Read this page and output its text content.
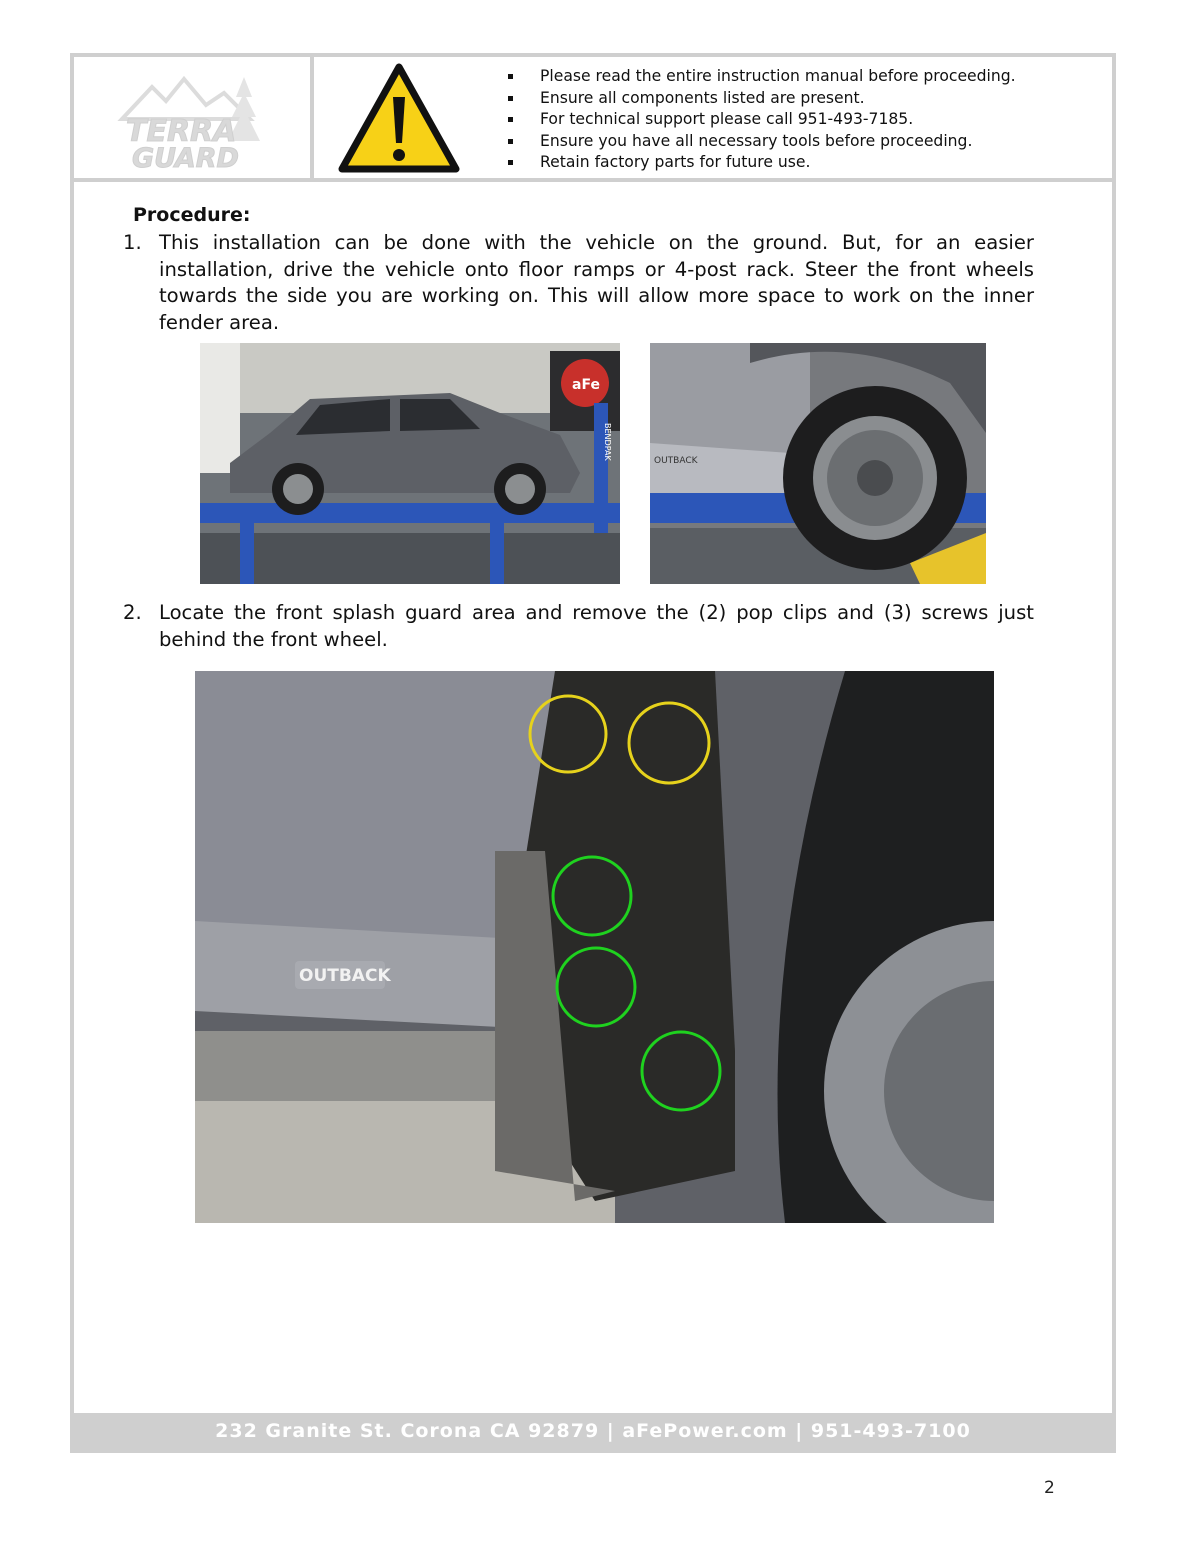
TERRA
GUARD
Please read the entire instruction manual before proceeding.
Ensure all components listed are present.
For technical support please call 951-493-7185.
Ensure you have all necessary tools before proceeding.
Retain factory parts for future use.
Procedure:
1. This installation can be done with the vehicle on the ground. But, for an easier installation, drive the vehicle onto floor ramps or 4-post rack. Steer the front wheels towards the side you are working on. This will allow more space to work on the inner fender area.
aFe
BENDPAK
OUTBACK
2. Locate the front splash guard area and remove the (2) pop clips and (3) screws just behind the front wheel.
OUTBACK
232 Granite St. Corona CA 92879 | aFePower.com | 951-493-7100
2
